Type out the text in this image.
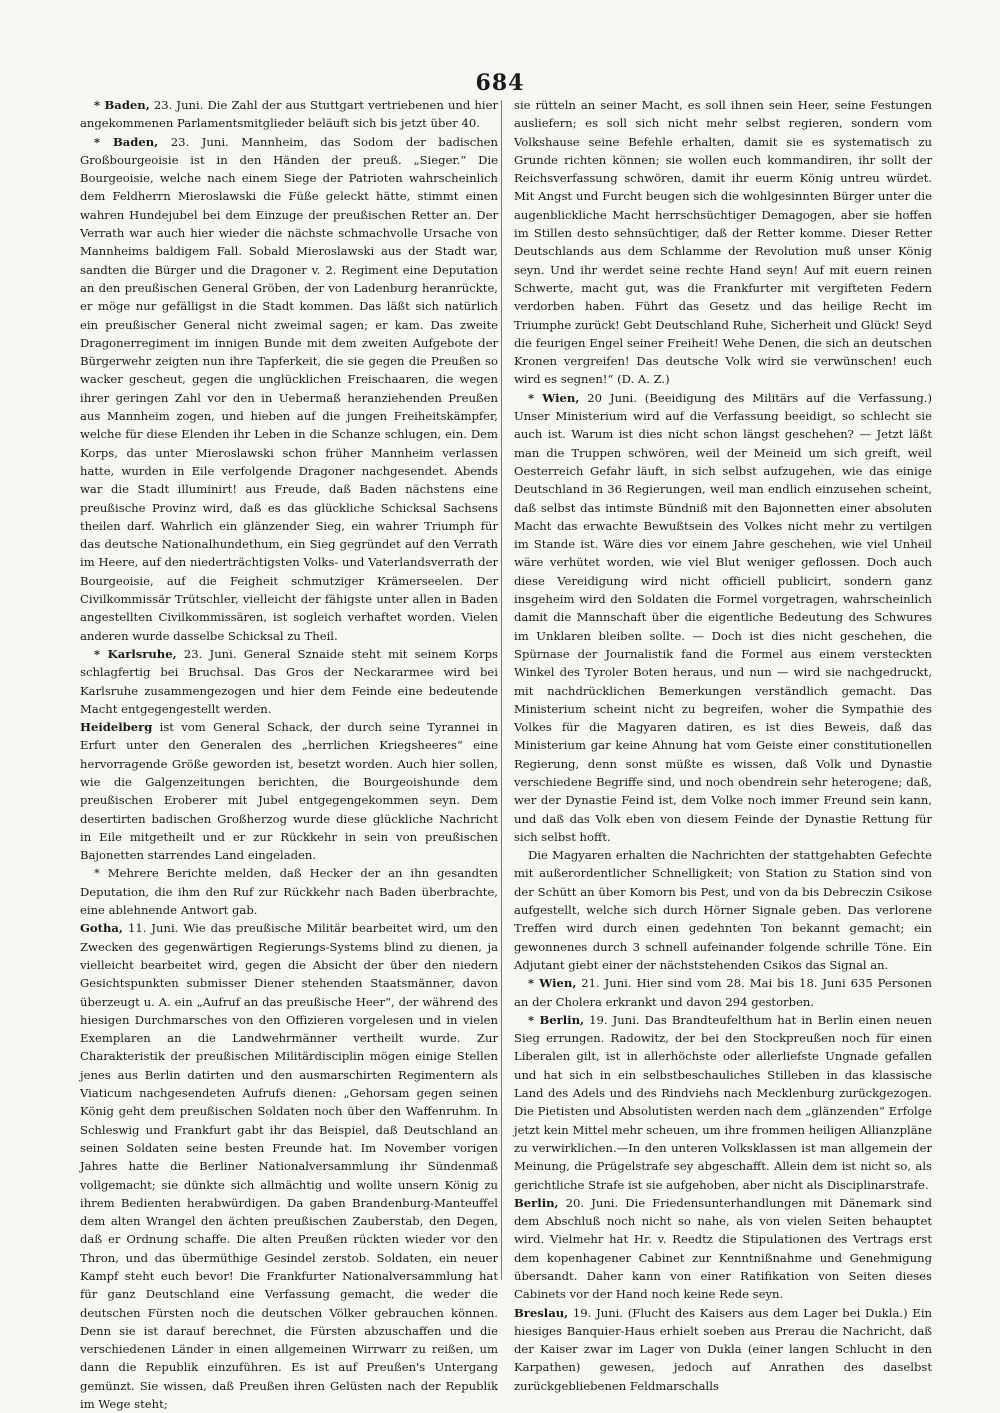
684

* Baden, 23. Juni. Die Zahl der aus Stuttgart vertriebenen und hier angekommenen Parlamentsmitglieder beläuft sich bis jetzt über 40.

* Baden, 23. Juni. Mannheim, das Sodom der badischen Großbourgeoisie ist in den Händen der preuß. „Sieger.“ Die Bourgeoisie, welche nach einem Siege der Patrioten wahrscheinlich dem Feldherrn Mieroslawski die Füße geleckt hätte, stimmt einen wahren Hundejubel bei dem Einzuge der preußischen Retter an. Der Verrath war auch hier wieder die nächste schmachvolle Ursache von Mannheims baldigem Fall. Sobald Mieroslawski aus der Stadt war, sandten die Bürger und die Dragoner v. 2. Regiment eine Deputation an den preußischen General Gröben, der von Ladenburg heranrückte, er möge nur gefälligst in die Stadt kommen. Das läßt sich natürlich ein preußischer General nicht zweimal sagen; er kam. Das zweite Dragonerregiment im innigen Bunde mit dem zweiten Aufgebote der Bürgerwehr zeigten nun ihre Tapferkeit, die sie gegen die Preußen so wacker gescheut, gegen die unglücklichen Freischaaren, die wegen ihrer geringen Zahl vor den in Uebermaß heranziehenden Preußen aus Mannheim zogen, und hieben auf die jungen Freiheitskämpfer, welche für diese Elenden ihr Leben in die Schanze schlugen, ein. Dem Korps, das unter Mieroslawski schon früher Mannheim verlassen hatte, wurden in Eile verfolgende Dragoner nachgesendet. Abends war die Stadt illuminirt! aus Freude, daß Baden nächstens eine preußische Provinz wird, daß es das glückliche Schicksal Sachsens theilen darf. Wahrlich ein glänzender Sieg, ein wahrer Triumph für das deutsche Nationalhundethum, ein Sieg gegründet auf den Verrath im Heere, auf den niederträchtigsten Volks- und Vaterlandsverrath der Bourgeoisie, auf die Feigheit schmutziger Krämerseelen. Der Civilkommissär Trütschler, vielleicht der fähigste unter allen in Baden angestellten Civilkommissären, ist sogleich verhaftet worden. Vielen anderen wurde dasselbe Schicksal zu Theil.

* Karlsruhe, 23. Juni. General Sznaide steht mit seinem Korps schlagfertig bei Bruchsal. Das Gros der Neckararmee wird bei Karlsruhe zusammengezogen und hier dem Feinde eine bedeutende Macht entgegengestellt werden.

Heidelberg ist vom General Schack, der durch seine Tyrannei in Erfurt unter den Generalen des „herrlichen Kriegsheeres“ eine hervorragende Größe geworden ist, besetzt worden. Auch hier sollen, wie die Galgenzeitungen berichten, die Bourgeoishunde dem preußischen Eroberer mit Jubel entgegengekommen seyn. Dem desertirten badischen Großherzog wurde diese glückliche Nachricht in Eile mitgetheilt und er zur Rückkehr in sein von preußischen Bajonetten starrendes Land eingeladen.

* Mehrere Berichte melden, daß Hecker der an ihn gesandten Deputation, die ihm den Ruf zur Rückkehr nach Baden überbrachte, eine ablehnende Antwort gab.

Gotha, 11. Juni. Wie das preußische Militär bearbeitet wird, um den Zwecken des gegenwärtigen Regierungs-Systems blind zu dienen, ja vielleicht bearbeitet wird, gegen die Absicht der über den niedern Gesichtspunkten submisser Diener stehenden Staatsmänner, davon überzeugt u. A. ein „Aufruf an das preußische Heer“, der während des hiesigen Durchmarsches von den Offizieren vorgelesen und in vielen Exemplaren an die Landwehrmänner vertheilt wurde. Zur Charakteristik der preußischen Militärdisciplin mögen einige Stellen jenes aus Berlin datirten und den ausmarschirten Regimentern als Viaticum nachgesendeten Aufrufs dienen: „Gehorsam gegen seinen König geht dem preußischen Soldaten noch über den Waffenruhm. In Schleswig und Frankfurt gabt ihr das Beispiel, daß Deutschland an seinen Soldaten seine besten Freunde hat. Im November vorigen Jahres hatte die Berliner Nationalversammlung ihr Sündenmaß vollgemacht; sie dünkte sich allmächtig und wollte unsern König zu ihrem Bedienten herabwürdigen. Da gaben Brandenburg-Manteuffel dem alten Wrangel den ächten preußischen Zauberstab, den Degen, daß er Ordnung schaffe. Die alten Preußen rückten wieder vor den Thron, und das übermüthige Gesindel zerstob. Soldaten, ein neuer Kampf steht euch bevor! Die Frankfurter Nationalversammlung hat für ganz Deutschland eine Verfassung gemacht, die weder die deutschen Fürsten noch die deutschen Völker gebrauchen können. Denn sie ist darauf berechnet, die Fürsten abzuschaffen und die verschiedenen Länder in einen allgemeinen Wirrwarr zu reißen, um dann die Republik einzuführen. Es ist auf Preußen's Untergang gemünzt. Sie wissen, daß Preußen ihren Gelüsten nach der Republik im Wege steht;

sie rütteln an seiner Macht, es soll ihnen sein Heer, seine Festungen ausliefern; es soll sich nicht mehr selbst regieren, sondern vom Volkshause seine Befehle erhalten, damit sie es systematisch zu Grunde richten können; sie wollen euch kommandiren, ihr sollt der Reichsverfassung schwören, damit ihr euerm König untreu würdet. Mit Angst und Furcht beugen sich die wohlgesinnten Bürger unter die augenblickliche Macht herrschsüchtiger Demagogen, aber sie hoffen im Stillen desto sehnsüchtiger, daß der Retter komme. Dieser Retter Deutschlands aus dem Schlamme der Revolution muß unser König seyn. Und ihr werdet seine rechte Hand seyn! Auf mit euern reinen Schwerte, macht gut, was die Frankfurter mit vergifteten Federn verdorben haben. Führt das Gesetz und das heilige Recht im Triumphe zurück! Gebt Deutschland Ruhe, Sicherheit und Glück! Seyd die feurigen Engel seiner Freiheit! Wehe Denen, die sich an deutschen Kronen vergreifen! Das deutsche Volk wird sie verwünschen! euch wird es segnen!“ (D. A. Z.)

* Wien, 20 Juni. (Beeidigung des Militärs auf die Verfassung.) Unser Ministerium wird auf die Verfassung beeidigt, so schlecht sie auch ist. Warum ist dies nicht schon längst geschehen? — Jetzt läßt man die Truppen schwören, weil der Meineid um sich greift, weil Oesterreich Gefahr läuft, in sich selbst aufzugehen, wie das einige Deutschland in 36 Regierungen, weil man endlich einzusehen scheint, daß selbst das intimste Bündniß mit den Bajonnetten einer absoluten Macht das erwachte Bewußtsein des Volkes nicht mehr zu vertilgen im Stande ist. Wäre dies vor einem Jahre geschehen, wie viel Unheil wäre verhütet worden, wie viel Blut weniger geflossen. Doch auch diese Vereidigung wird nicht officiell publicirt, sondern ganz insgeheim wird den Soldaten die Formel vorgetragen, wahrscheinlich damit die Mannschaft über die eigentliche Bedeutung des Schwures im Unklaren bleiben sollte. — Doch ist dies nicht geschehen, die Spürnase der Journalistik fand die Formel aus einem versteckten Winkel des Tyroler Boten heraus, und nun — wird sie nachgedruckt, mit nachdrücklichen Bemerkungen verständlich gemacht. Das Ministerium scheint nicht zu begreifen, woher die Sympathie des Volkes für die Magyaren datiren, es ist dies Beweis, daß das Ministerium gar keine Ahnung hat vom Geiste einer constitutionellen Regierung, denn sonst müßte es wissen, daß Volk und Dynastie verschiedene Begriffe sind, und noch obendrein sehr heterogene; daß, wer der Dynastie Feind ist, dem Volke noch immer Freund sein kann, und daß das Volk eben von diesem Feinde der Dynastie Rettung für sich selbst hofft.

Die Magyaren erhalten die Nachrichten der stattgehabten Gefechte mit außerordentlicher Schnelligkeit; von Station zu Station sind von der Schütt an über Komorn bis Pest, und von da bis Debreczin Csikose aufgestellt, welche sich durch Hörner Signale geben. Das verlorene Treffen wird durch einen gedehnten Ton bekannt gemacht; ein gewonnenes durch 3 schnell aufeinander folgende schrille Töne. Ein Adjutant giebt einer der nächststehenden Csikos das Signal an.

* Wien, 21. Juni. Hier sind vom 28. Mai bis 18. Juni 635 Personen an der Cholera erkrankt und davon 294 gestorben.

* Berlin, 19. Juni. Das Brandteufelthum hat in Berlin einen neuen Sieg errungen. Radowitz, der bei den Stockpreußen noch für einen Liberalen gilt, ist in allerhöchste oder allerliefste Ungnade gefallen und hat sich in ein selbstbeschauliches Stilleben in das klassische Land des Adels und des Rindviehs nach Mecklenburg zurückgezogen. Die Pietisten und Absolutisten werden nach dem „glänzenden“ Erfolge jetzt kein Mittel mehr scheuen, um ihre frommen heiligen Allianzpläne zu verwirklichen.—In den unteren Volksklassen ist man allgemein der Meinung, die Prügelstrafe sey abgeschafft. Allein dem ist nicht so, als gerichtliche Strafe ist sie aufgehoben, aber nicht als Disciplinarstrafe.

Berlin, 20. Juni. Die Friedensunterhandlungen mit Dänemark sind dem Abschluß noch nicht so nahe, als von vielen Seiten behauptet wird. Vielmehr hat Hr. v. Reedtz die Stipulationen des Vertrags erst dem kopenhagener Cabinet zur Kenntnißnahme und Genehmigung übersandt. Daher kann von einer Ratifikation von Seiten dieses Cabinets vor der Hand noch keine Rede seyn.

Breslau, 19. Juni. (Flucht des Kaisers aus dem Lager bei Dukla.) Ein hiesiges Banquier-Haus erhielt soeben aus Prerau die Nachricht, daß der Kaiser zwar im Lager von Dukla (einer langen Schlucht in den Karpathen) gewesen, jedoch auf Anrathen des daselbst zurückgebliebenen Feldmarschalls
